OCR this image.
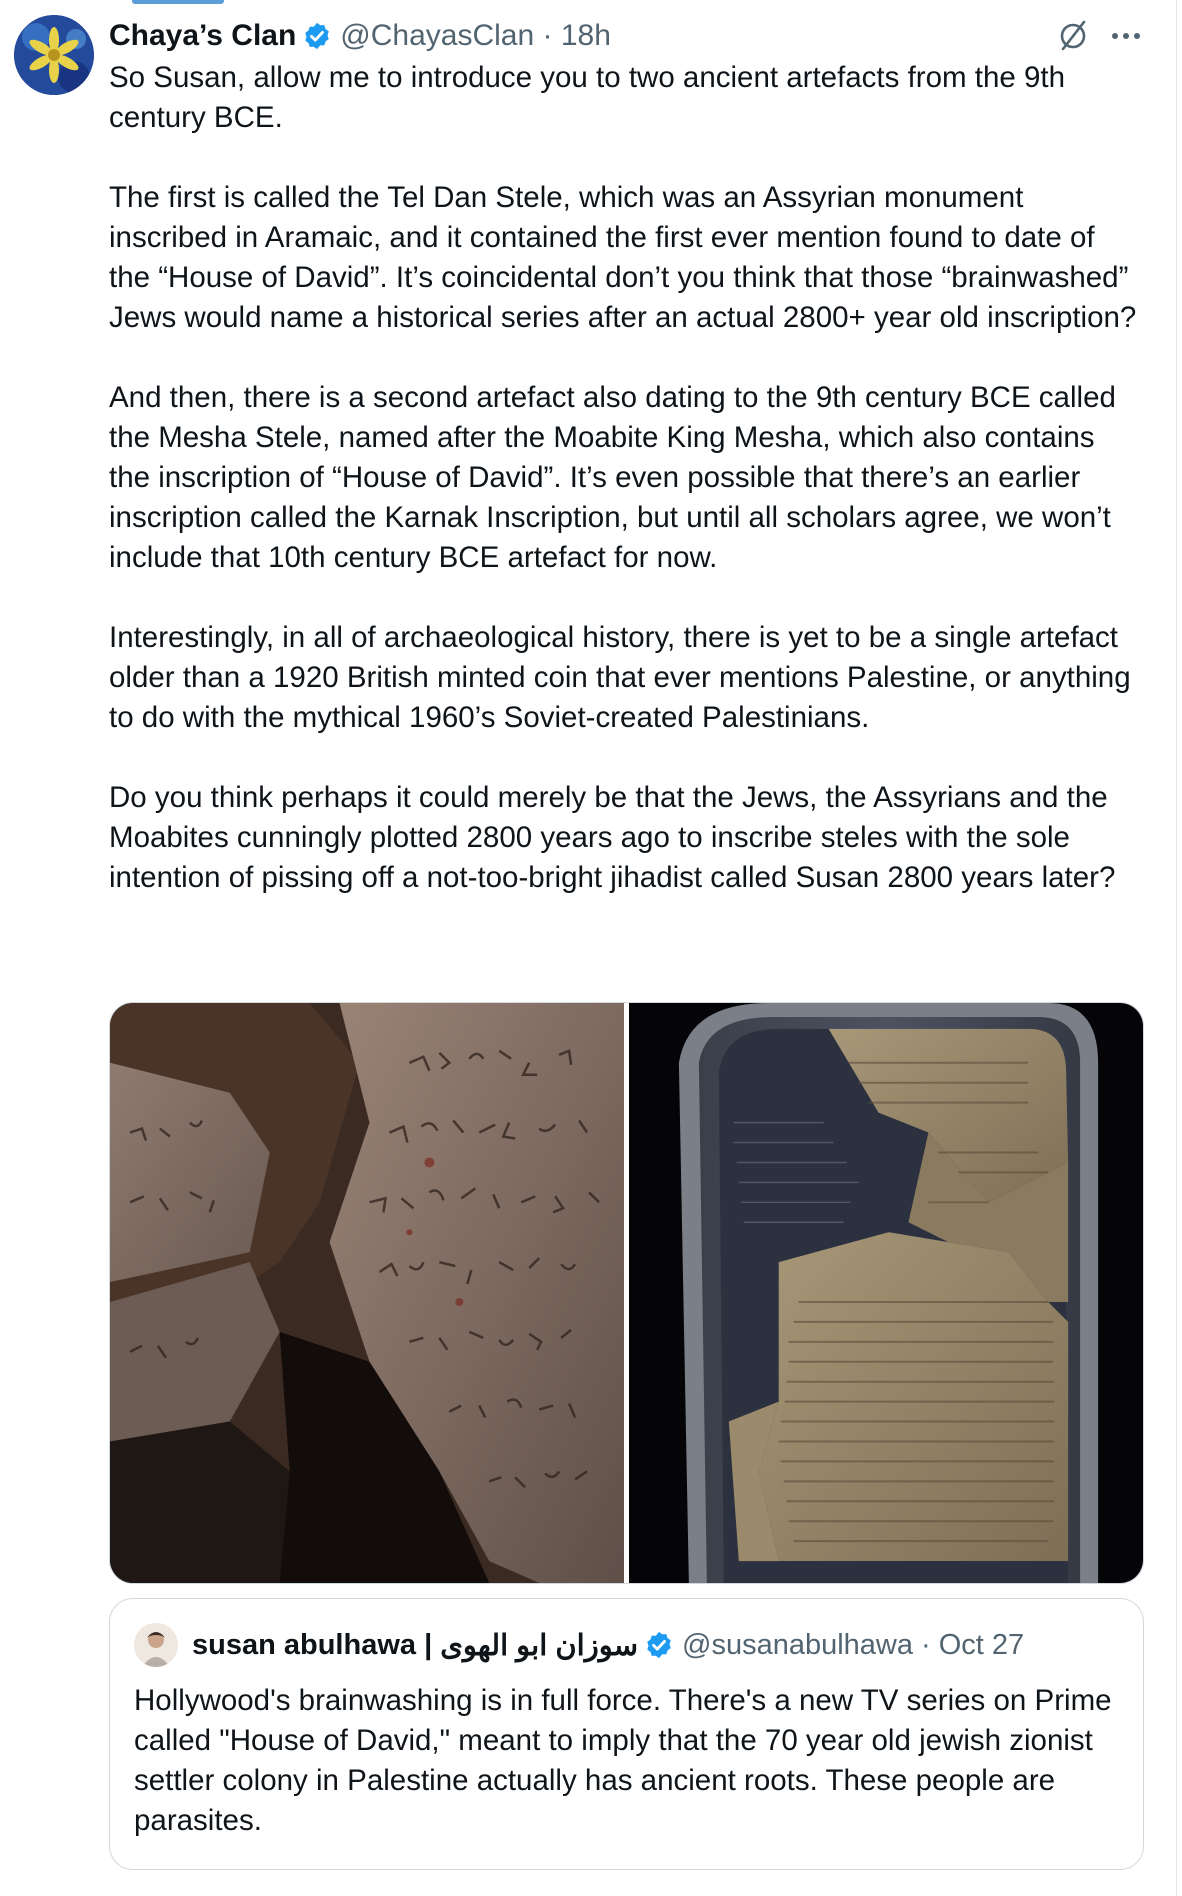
Chaya’s Clan @ChayasClan · 18h

So Susan, allow me to introduce you to two ancient artefacts from the 9th century BCE.

The first is called the Tel Dan Stele, which was an Assyrian monument inscribed in Aramaic, and it contained the first ever mention found to date of the “House of David”. It’s coincidental don’t you think that those “brainwashed” Jews would name a historical series after an actual 2800+ year old inscription?

And then, there is a second artefact also dating to the 9th century BCE called the Mesha Stele, named after the Moabite King Mesha, which also contains the inscription of “House of David”. It’s even possible that there’s an earlier inscription called the Karnak Inscription, but until all scholars agree, we won’t include that 10th century BCE artefact for now.

Interestingly, in all of archaeological history, there is yet to be a single artefact older than a 1920 British minted coin that ever mentions Palestine, or anything to do with the mythical 1960’s Soviet-created Palestinians.

Do you think perhaps it could merely be that the Jews, the Assyrians and the Moabites cunningly plotted 2800 years ago to inscribe steles with the sole intention of pissing off a not-too-bright jihadist called Susan 2800 years later?

susan abulhawa | سوزان ابو الهوى @susanabulhawa · Oct 27
Hollywood's brainwashing is in full force. There's a new TV series on Prime called "House of David," meant to imply that the 70 year old jewish zionist settler colony in Palestine actually has ancient roots. These people are parasites.
